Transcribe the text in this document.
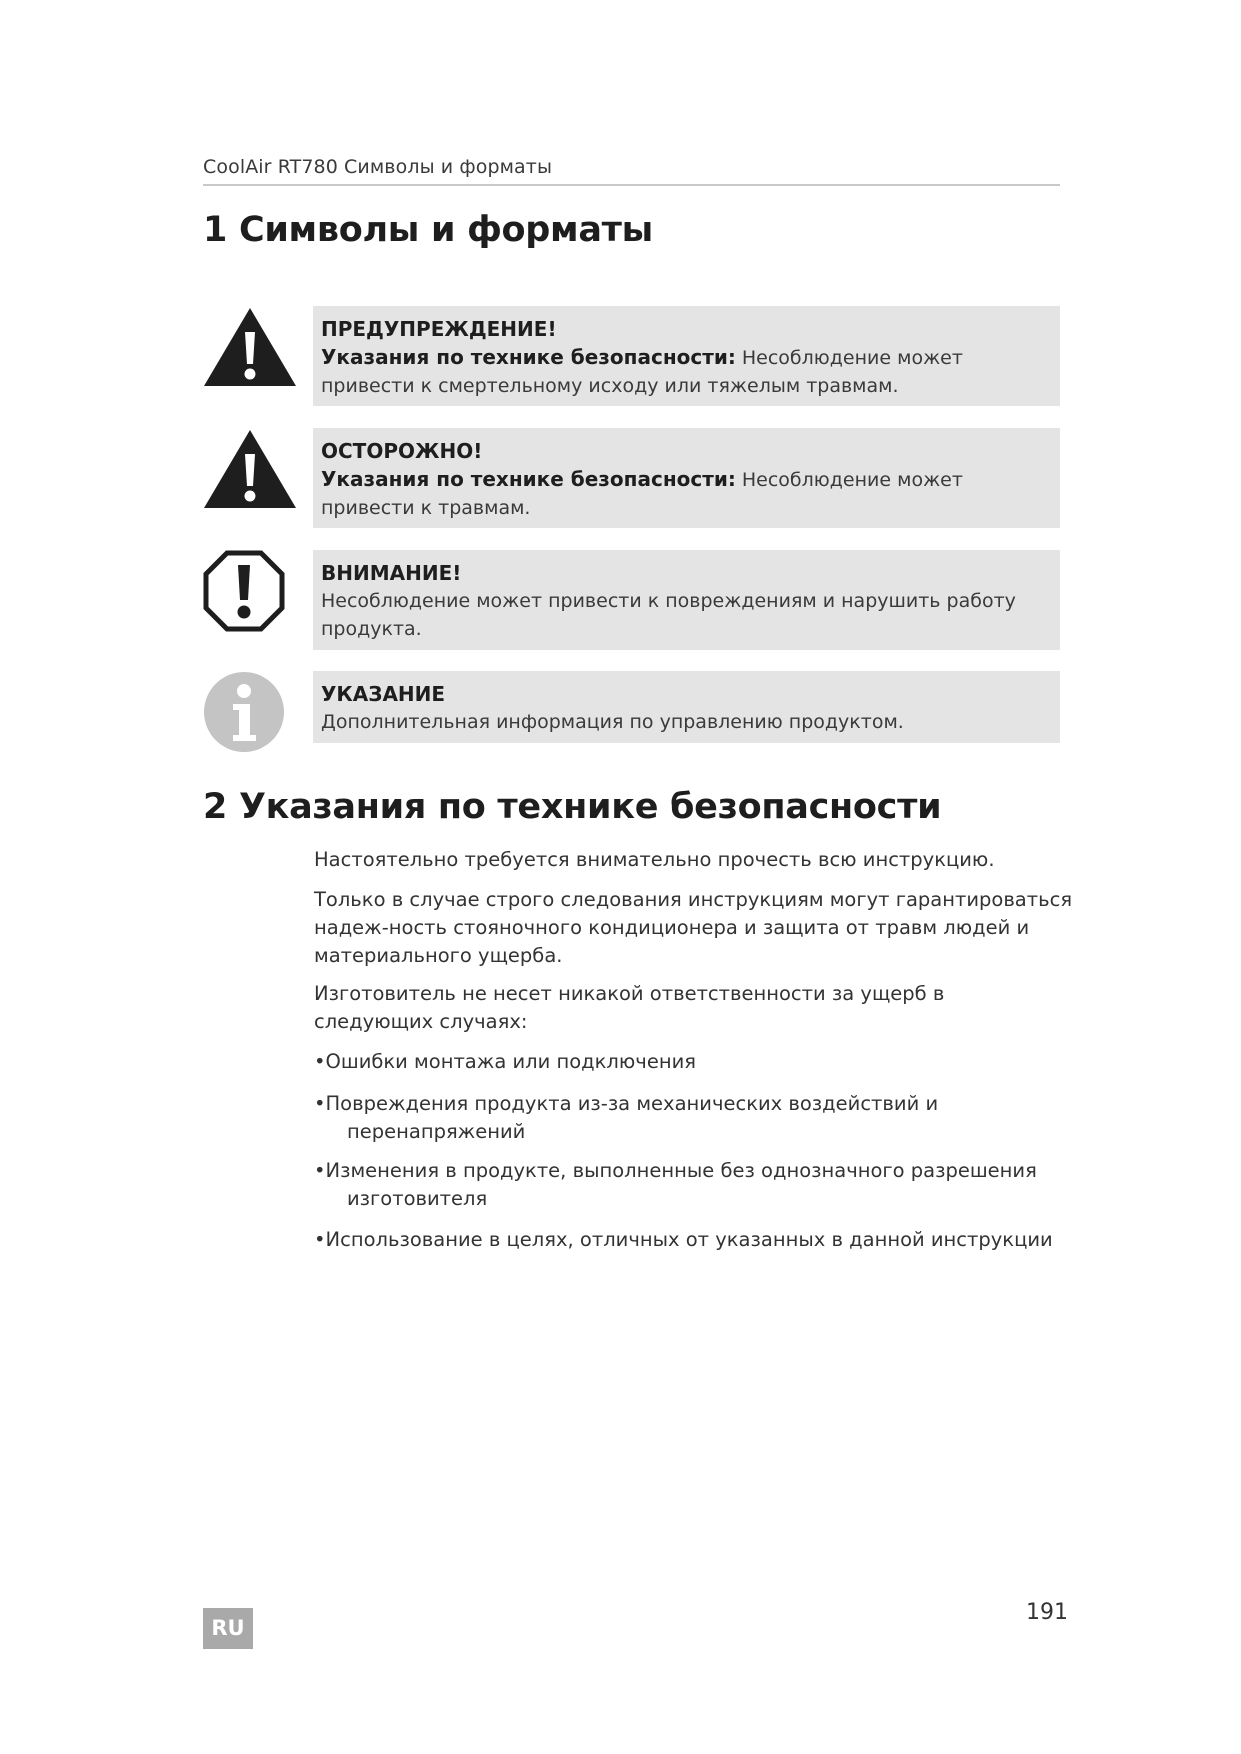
CoolAir RT780 Символы и форматы
1 Символы и форматы
ПРЕДУПРЕЖДЕНИЕ!
Указания по технике безопасности: Несоблюдение может привести к смертельному исходу или тяжелым травмам.
ОСТОРОЖНО!
Указания по технике безопасности: Несоблюдение может привести к травмам.
ВНИМАНИЕ!
Несоблюдение может привести к повреждениям и нарушить работу продукта.
УКАЗАНИЕ
Дополнительная информация по управлению продуктом.
2 Указания по технике безопасности

Настоятельно требуется внимательно прочесть всю инструкцию.

Только в случае строго следования инструкциям могут гарантироваться надеж-ность стояночного кондиционера и защита от травм людей и материального ущерба.

Изготовитель не несет никакой ответственности за ущерб в следующих случаях:

•Ошибки монтажа или подключения
•Повреждения продукта из-за механических воздействий и
перенапряжений
•Изменения в продукте, выполненные без однозначного разрешения
изготовителя
•Использование в целях, отличных от указанных в данной инструкции
RU
191
